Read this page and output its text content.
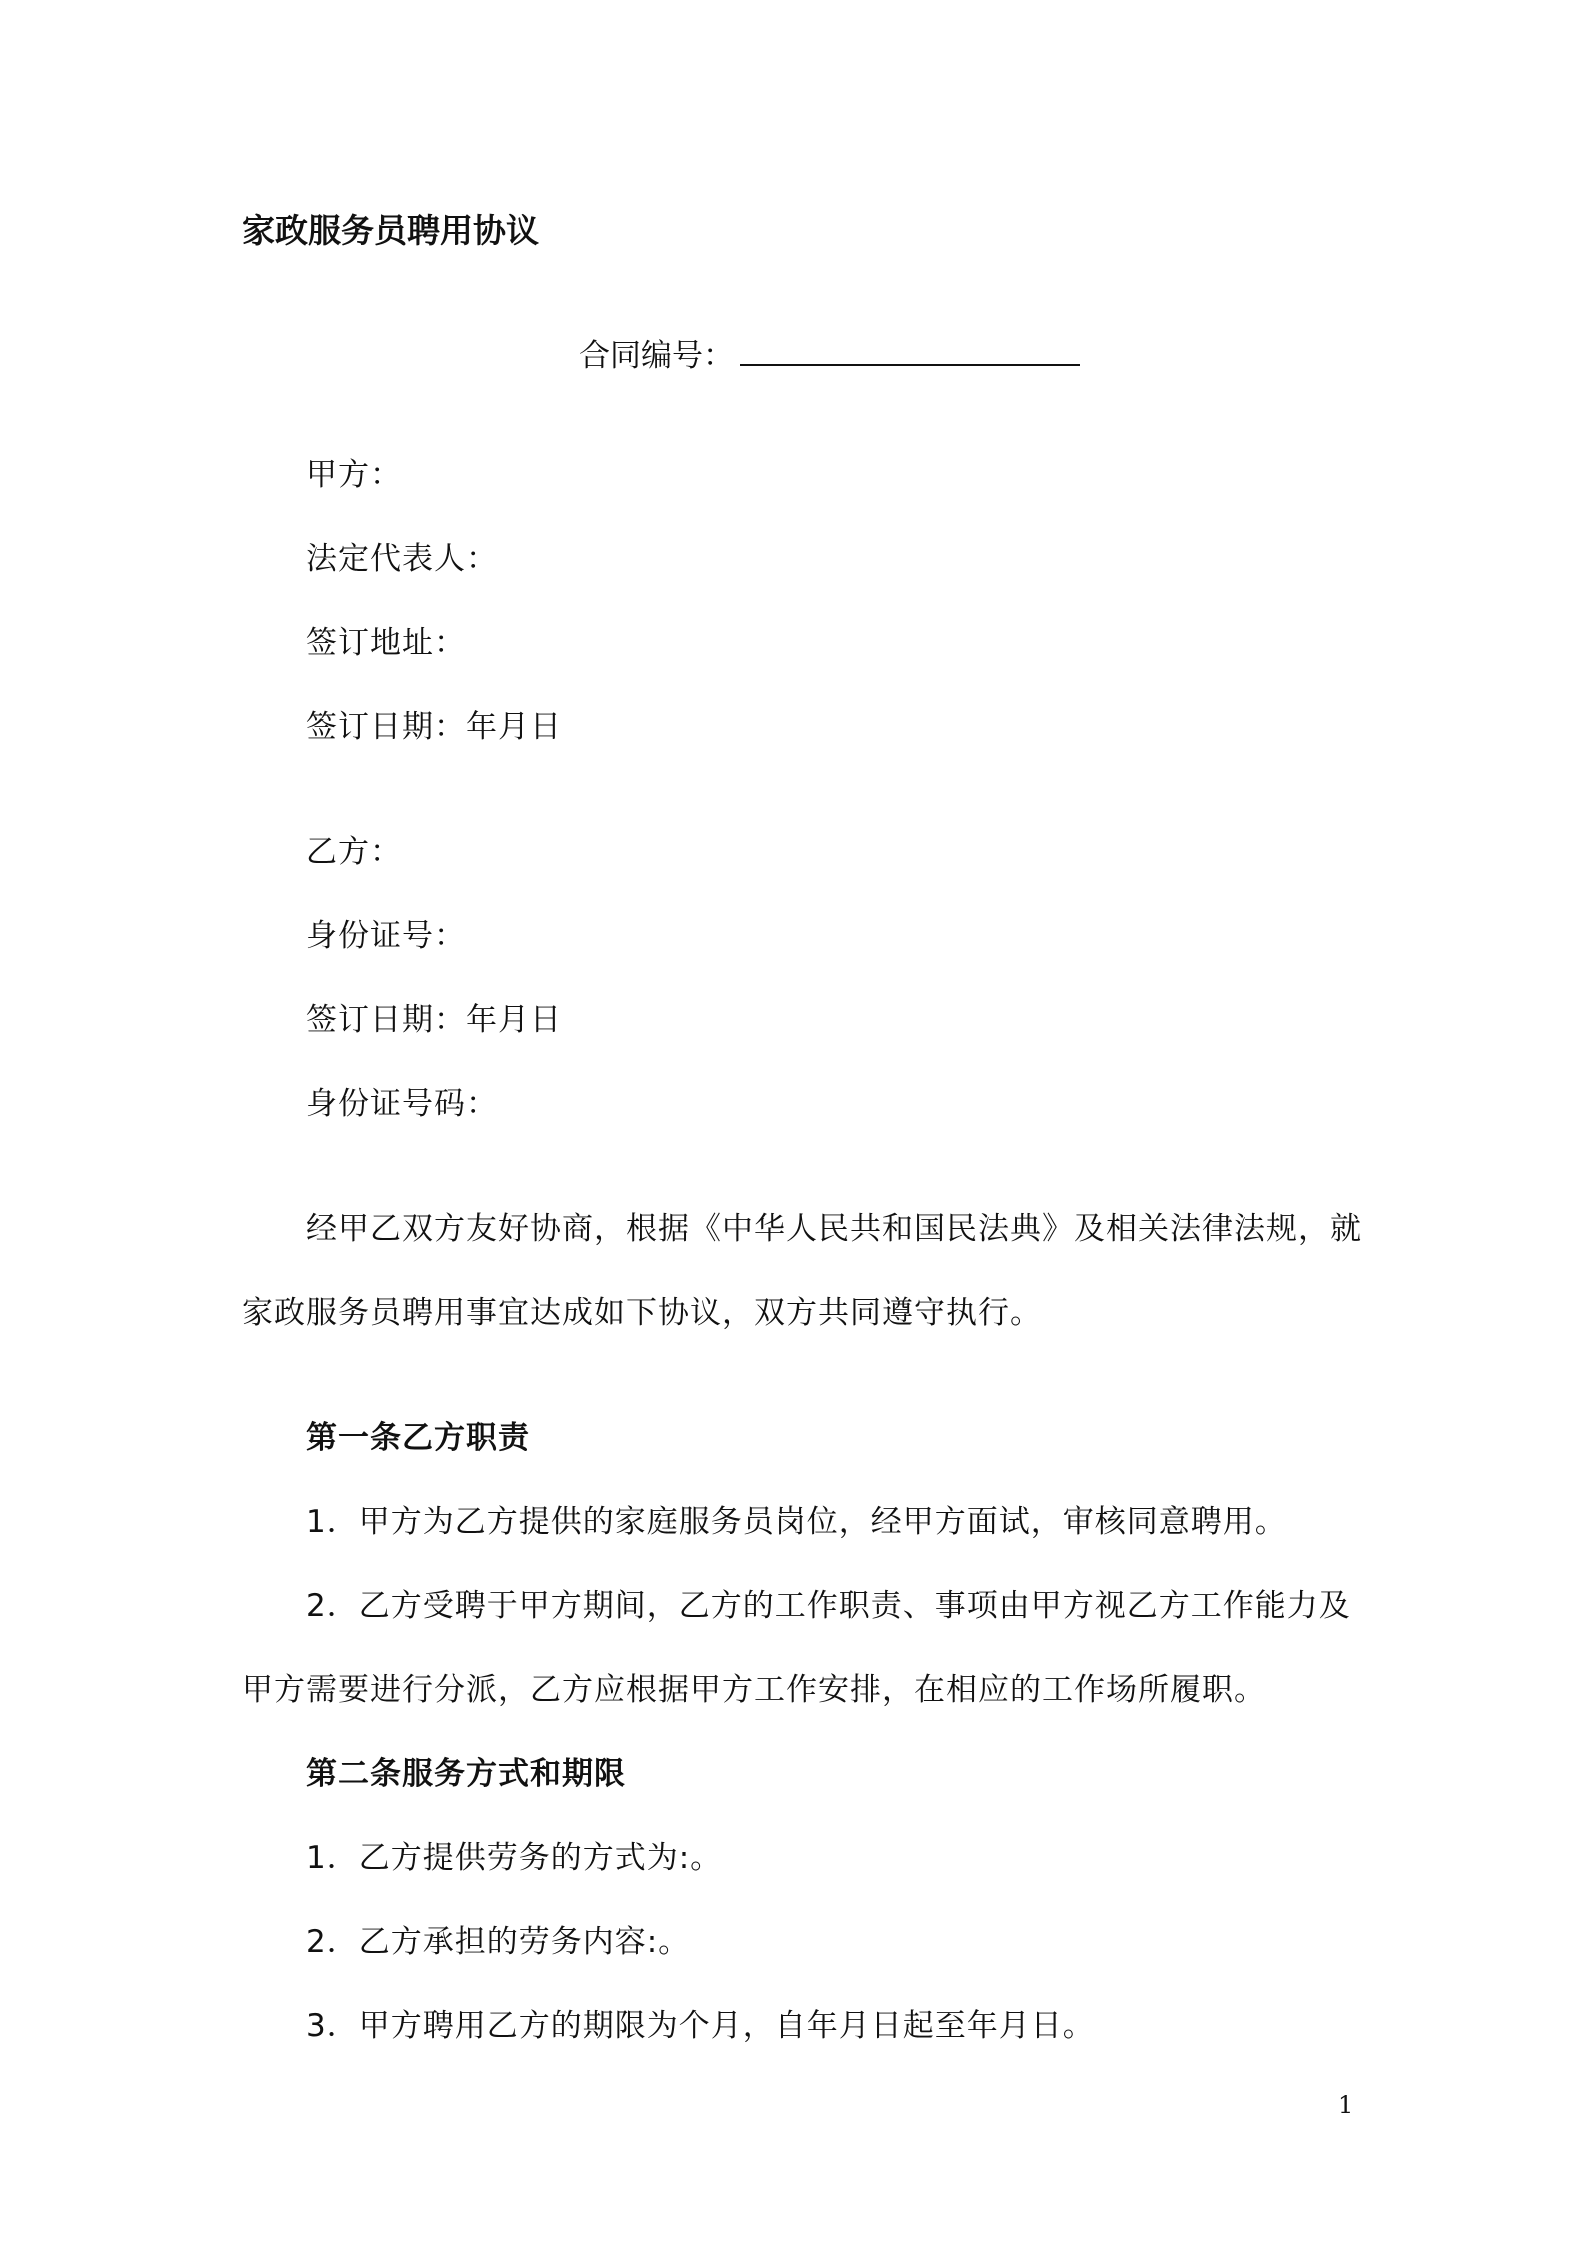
家政服务员聘用协议
合同编号：
甲方：
法定代表人：
签订地址：
签订日期：年月日
乙方：
身份证号：
签订日期：年月日
身份证号码：
经甲乙双方友好协商，根据《中华人民共和国民法典》及相关法律法规，就
家政服务员聘用事宜达成如下协议，双方共同遵守执行。
第一条乙方职责
1．甲方为乙方提供的家庭服务员岗位，经甲方面试，审核同意聘用。
2．乙方受聘于甲方期间，乙方的工作职责、事项由甲方视乙方工作能力及
甲方需要进行分派，乙方应根据甲方工作安排，在相应的工作场所履职。
第二条服务方式和期限
1．乙方提供劳务的方式为:。
2．乙方承担的劳务内容:。
3．甲方聘用乙方的期限为个月，自年月日起至年月日。
1
